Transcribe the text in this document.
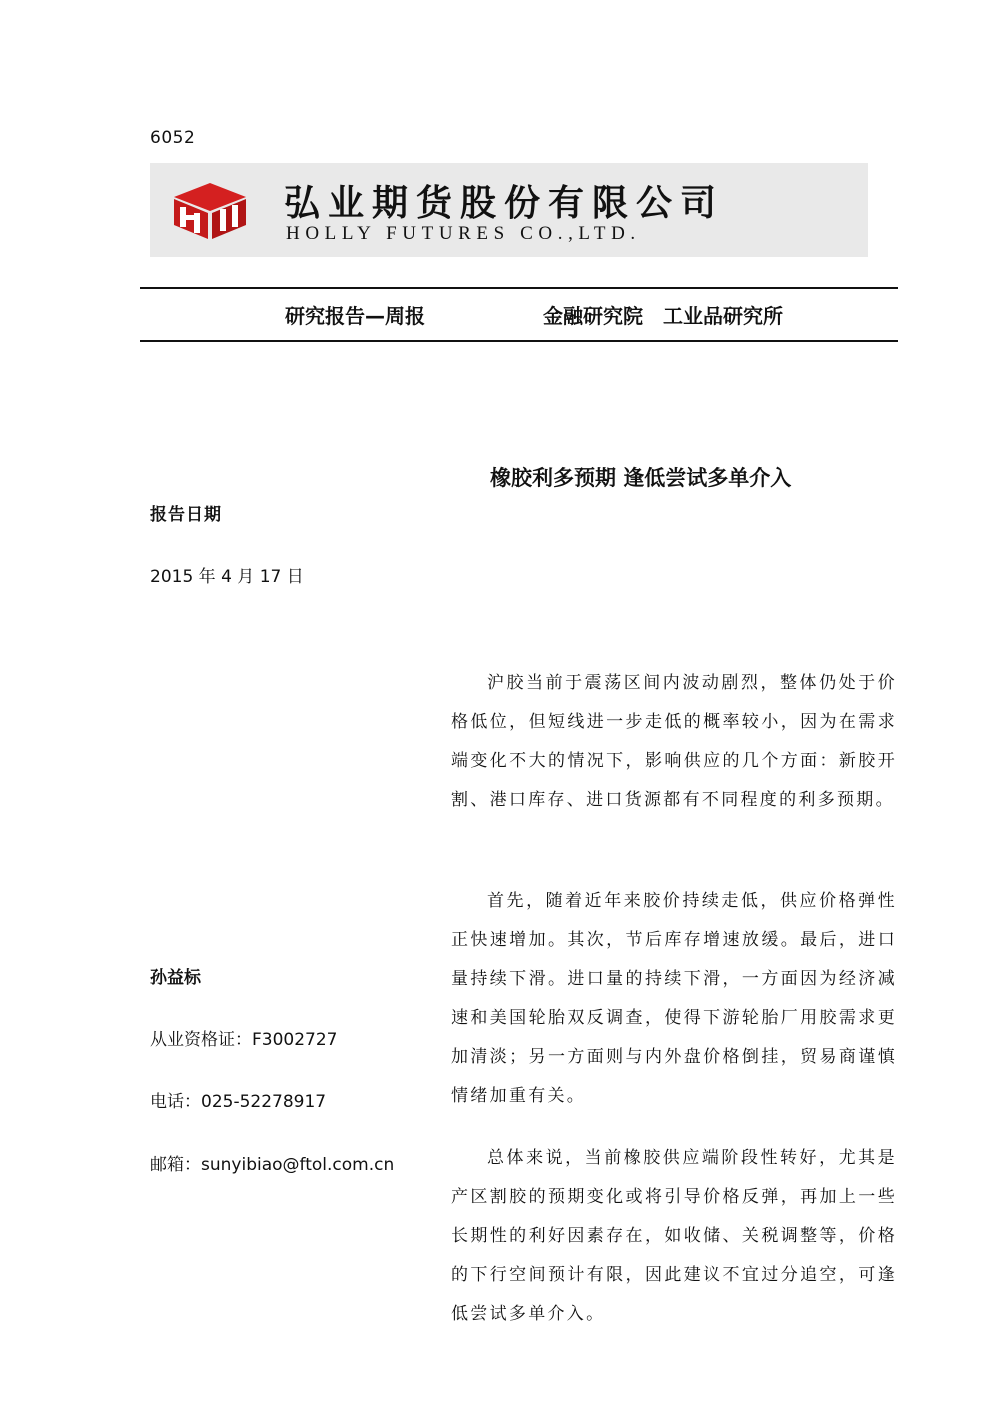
6052
弘业期货股份有限公司
HOLLY FUTURES CO.,LTD.
研究报告—周报	金融研究院　工业品研究所
橡胶利多预期 逢低尝试多单介入
报告日期
2015 年 4 月 17 日
孙益标
从业资格证：F3002727
电话：025-52278917
邮箱：sunyibiao@ftol.com.cn

沪胶当前于震荡区间内波动剧烈，整体仍处于价格低位，但短线进一步走低的概率较小，因为在需求端变化不大的情况下，影响供应的几个方面：新胶开割、港口库存、进口货源都有不同程度的利多预期。

首先，随着近年来胶价持续走低，供应价格弹性正快速增加。其次，节后库存增速放缓。最后，进口量持续下滑。进口量的持续下滑，一方面因为经济减速和美国轮胎双反调查，使得下游轮胎厂用胶需求更加清淡；另一方面则与内外盘价格倒挂，贸易商谨慎情绪加重有关。

总体来说，当前橡胶供应端阶段性转好，尤其是产区割胶的预期变化或将引导价格反弹，再加上一些长期性的利好因素存在，如收储、关税调整等，价格的下行空间预计有限，因此建议不宜过分追空，可逢低尝试多单介入。
